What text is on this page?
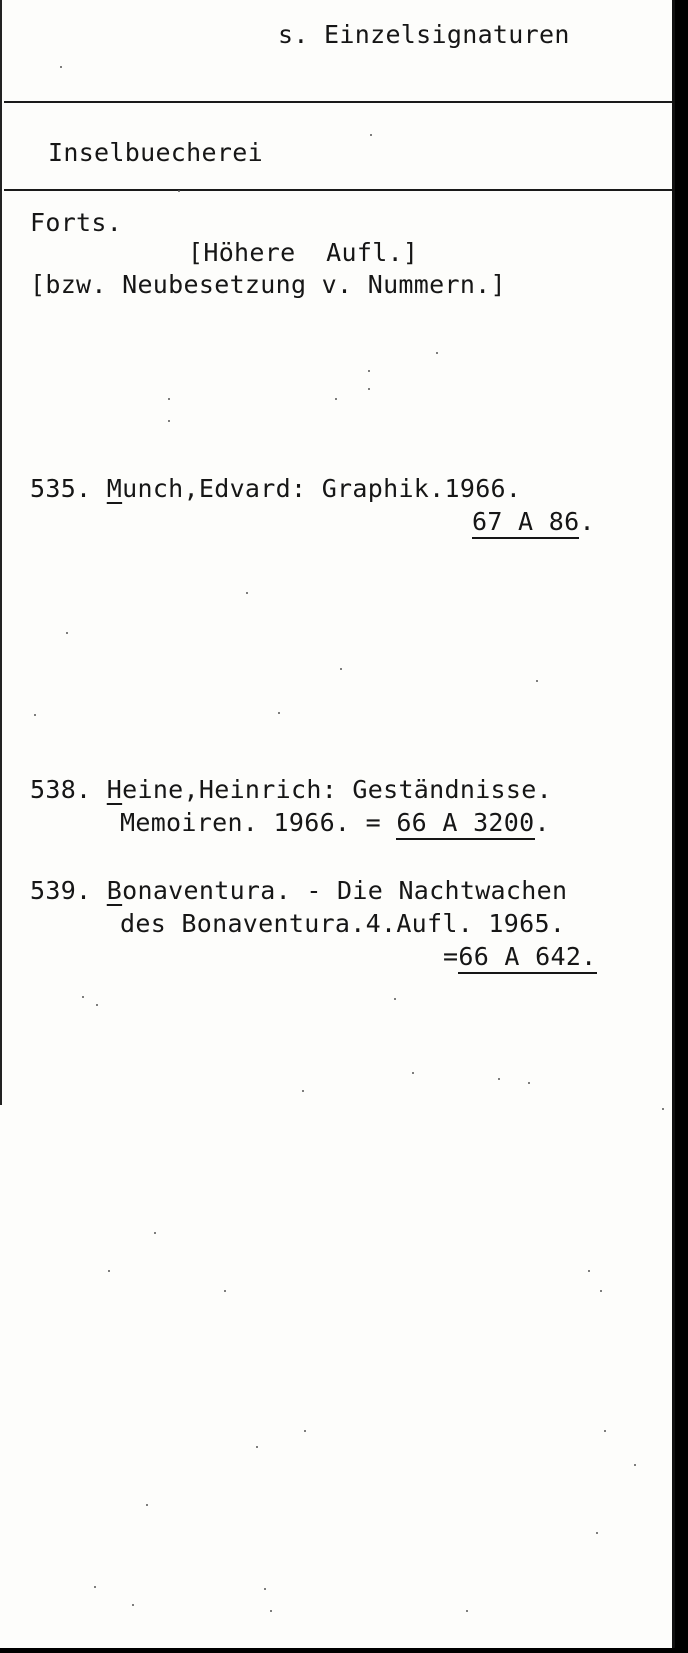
s. Einzelsignaturen
Inselbuecherei
Forts.
[Höhere  Aufl.]
[bzw. Neubesetzung v. Nummern.]
535. Munch,Edvard: Graphik.1966.
67 A 86.
538. Heine,Heinrich: Geständnisse.
Memoiren. 1966. = 66 A 3200.
539. Bonaventura. - Die Nachtwachen
des Bonaventura.4.Aufl. 1965.
=66 A 642.
